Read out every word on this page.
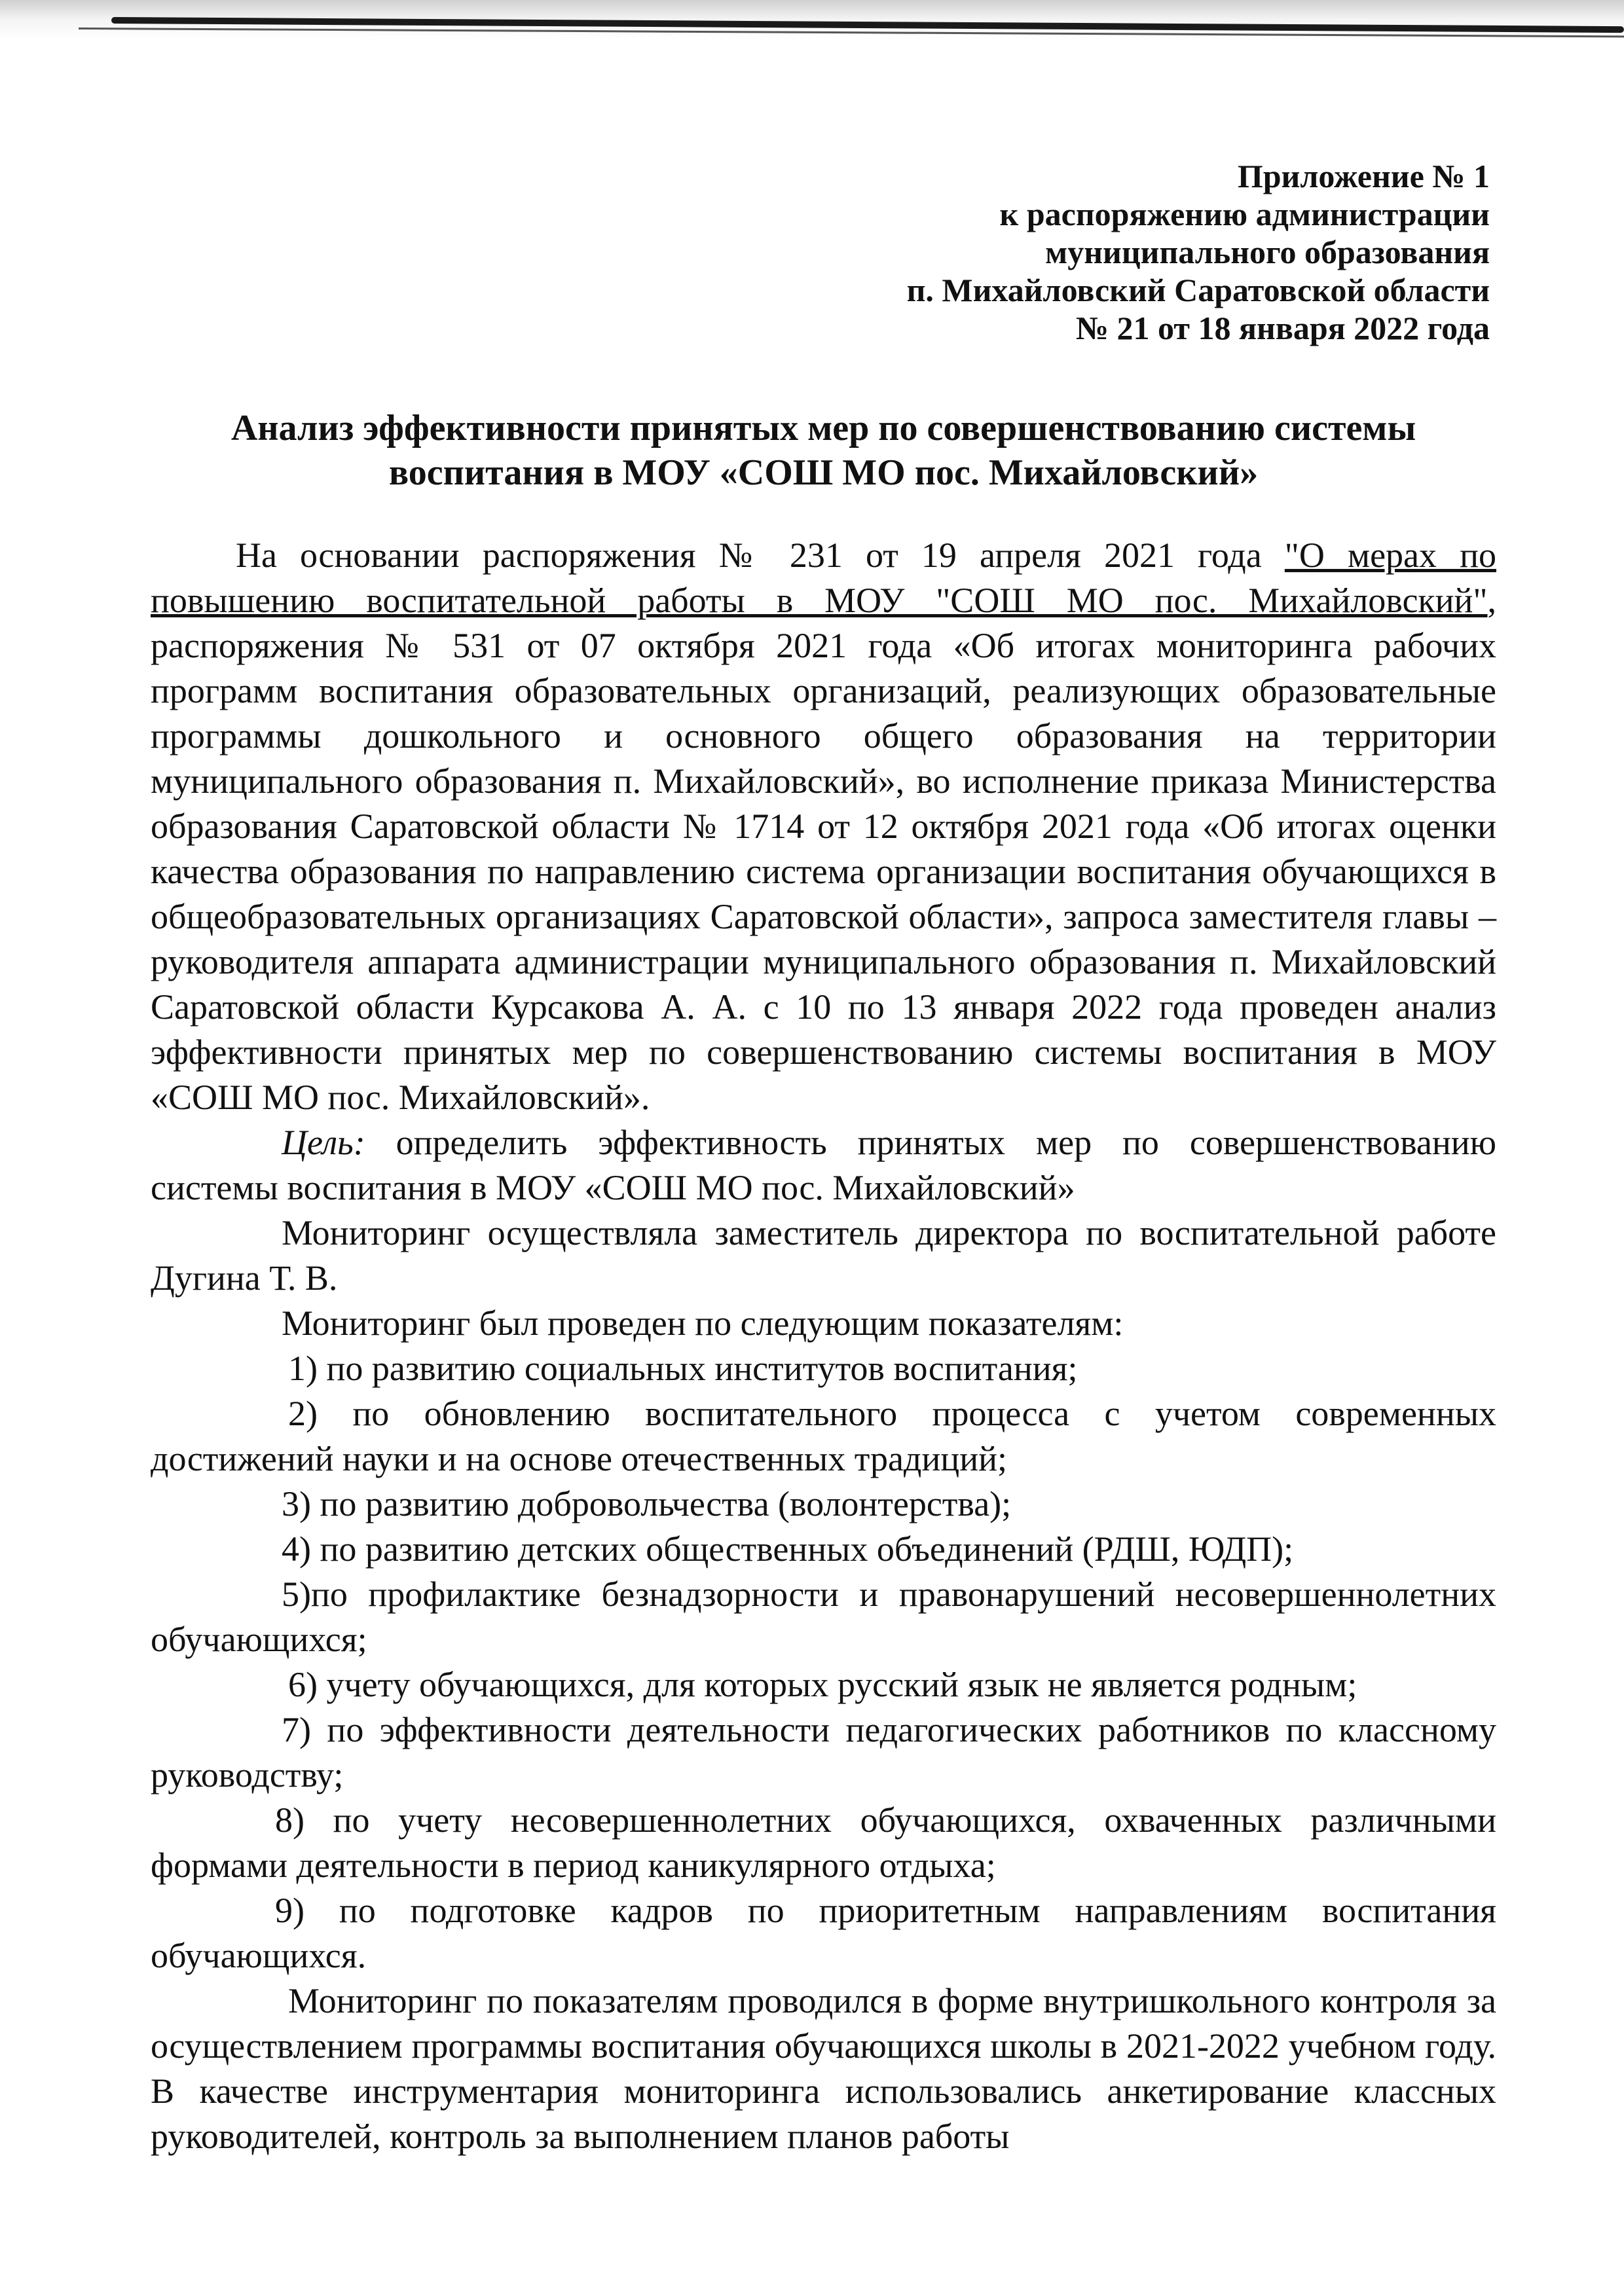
Приложение № 1
к распоряжению администрации
муниципального образования
п. Михайловский Саратовской области
№ 21 от 18 января 2022 года
Анализ эффективности принятых мер по совершенствованию системы
воспитания в МОУ «СОШ МО пос. Михайловский»

На основании распоряжения № 231 от 19 апреля 2021 года "О мерах по повышению воспитательной работы в МОУ "СОШ МО пос. Михайловский", распоряжения № 531 от 07 октября 2021 года «Об итогах мониторинга рабочих программ воспитания образовательных организаций, реализующих образовательные программы дошкольного и основного общего образования на территории муниципального образования п. Михайловский», во исполнение приказа Министерства образования Саратовской области № 1714 от 12 октября 2021 года «Об итогах оценки качества образования по направлению система организации воспитания обучающихся в общеобразовательных организациях Саратовской области», запроса заместителя главы – руководителя аппарата администрации муниципального образования п. Михайловский Саратовской области Курсакова А. А. с 10 по 13 января 2022 года проведен анализ эффективности принятых мер по совершенствованию системы воспитания в МОУ «СОШ МО пос. Михайловский».

Цель: определить эффективность принятых мер по совершенствованию системы воспитания в МОУ «СОШ МО пос. Михайловский»

Мониторинг осуществляла заместитель директора по воспитательной работе Дугина Т. В.

Мониторинг был проведен по следующим показателям:

1) по развитию социальных институтов воспитания;

2) по обновлению воспитательного процесса с учетом современных достижений науки и на основе отечественных традиций;

3) по развитию добровольчества (волонтерства);

4) по развитию детских общественных объединений (РДШ, ЮДП);

5)по профилактике безнадзорности и правонарушений несовершеннолетних обучающихся;

6) учету обучающихся, для которых русский язык не является родным;

7) по эффективности деятельности педагогических работников по классному руководству;

8) по учету несовершеннолетних обучающихся, охваченных различными формами деятельности в период каникулярного отдыха;

9) по подготовке кадров по приоритетным направлениям воспитания обучающихся.

Мониторинг по показателям проводился в форме внутришкольного контроля за осуществлением программы воспитания обучающихся школы в 2021-2022 учебном году. В качестве инструментария мониторинга использовались анкетирование классных руководителей, контроль за выполнением планов работы
